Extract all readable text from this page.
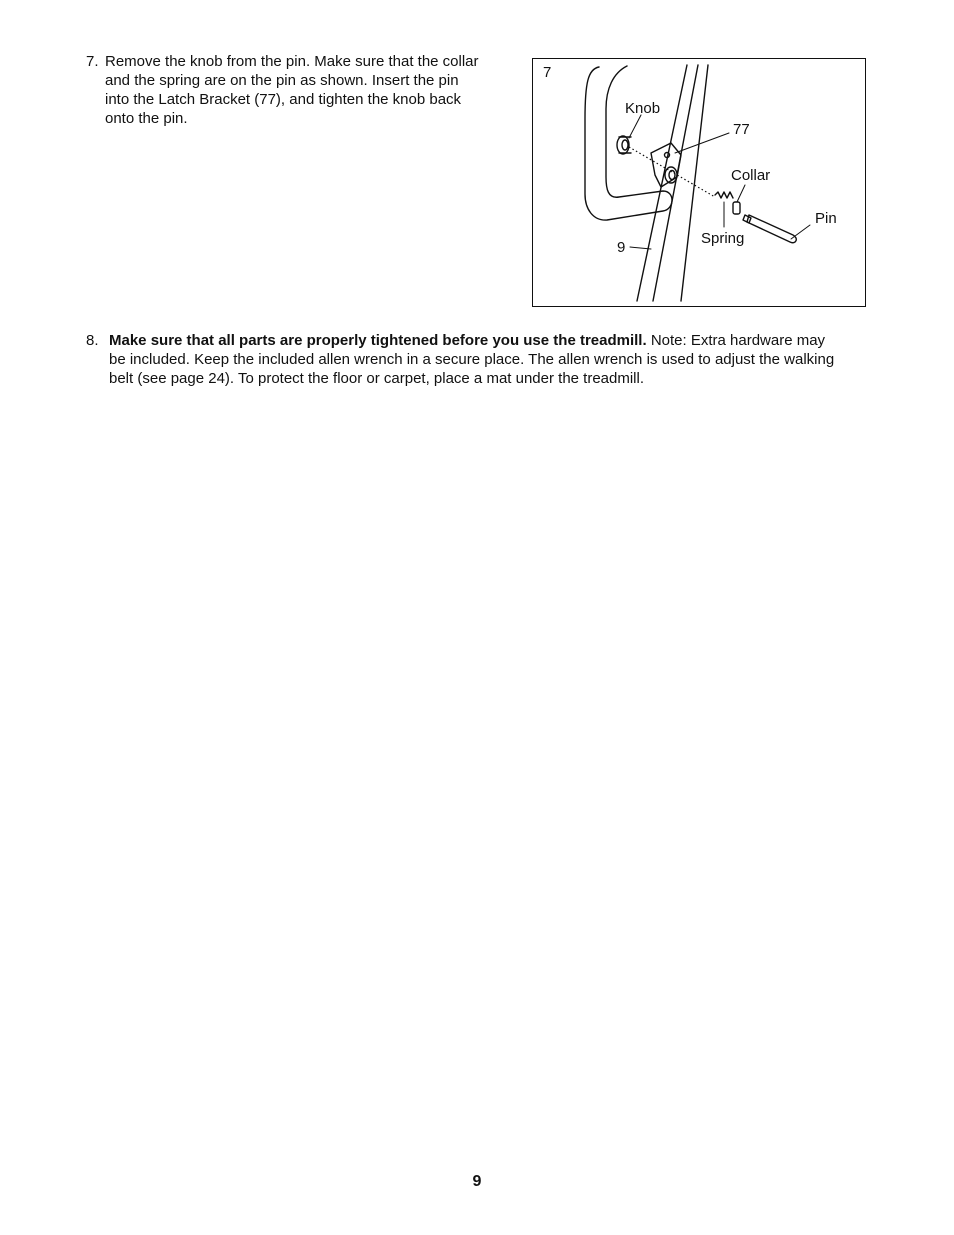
7. Remove the knob from the pin. Make sure that the collar
and the spring are on the pin as shown. Insert the pin
into the Latch Bracket (77), and tighten the knob back
onto the pin.
7
Knob
77
Collar
Pin
Spring
9
8. Make sure that all parts are properly tightened before you use the treadmill. Note: Extra hardware may
be included. Keep the included allen wrench in a secure place. The allen wrench is used to adjust the walking
belt (see page 24). To protect the floor or carpet, place a mat under the treadmill.
9
